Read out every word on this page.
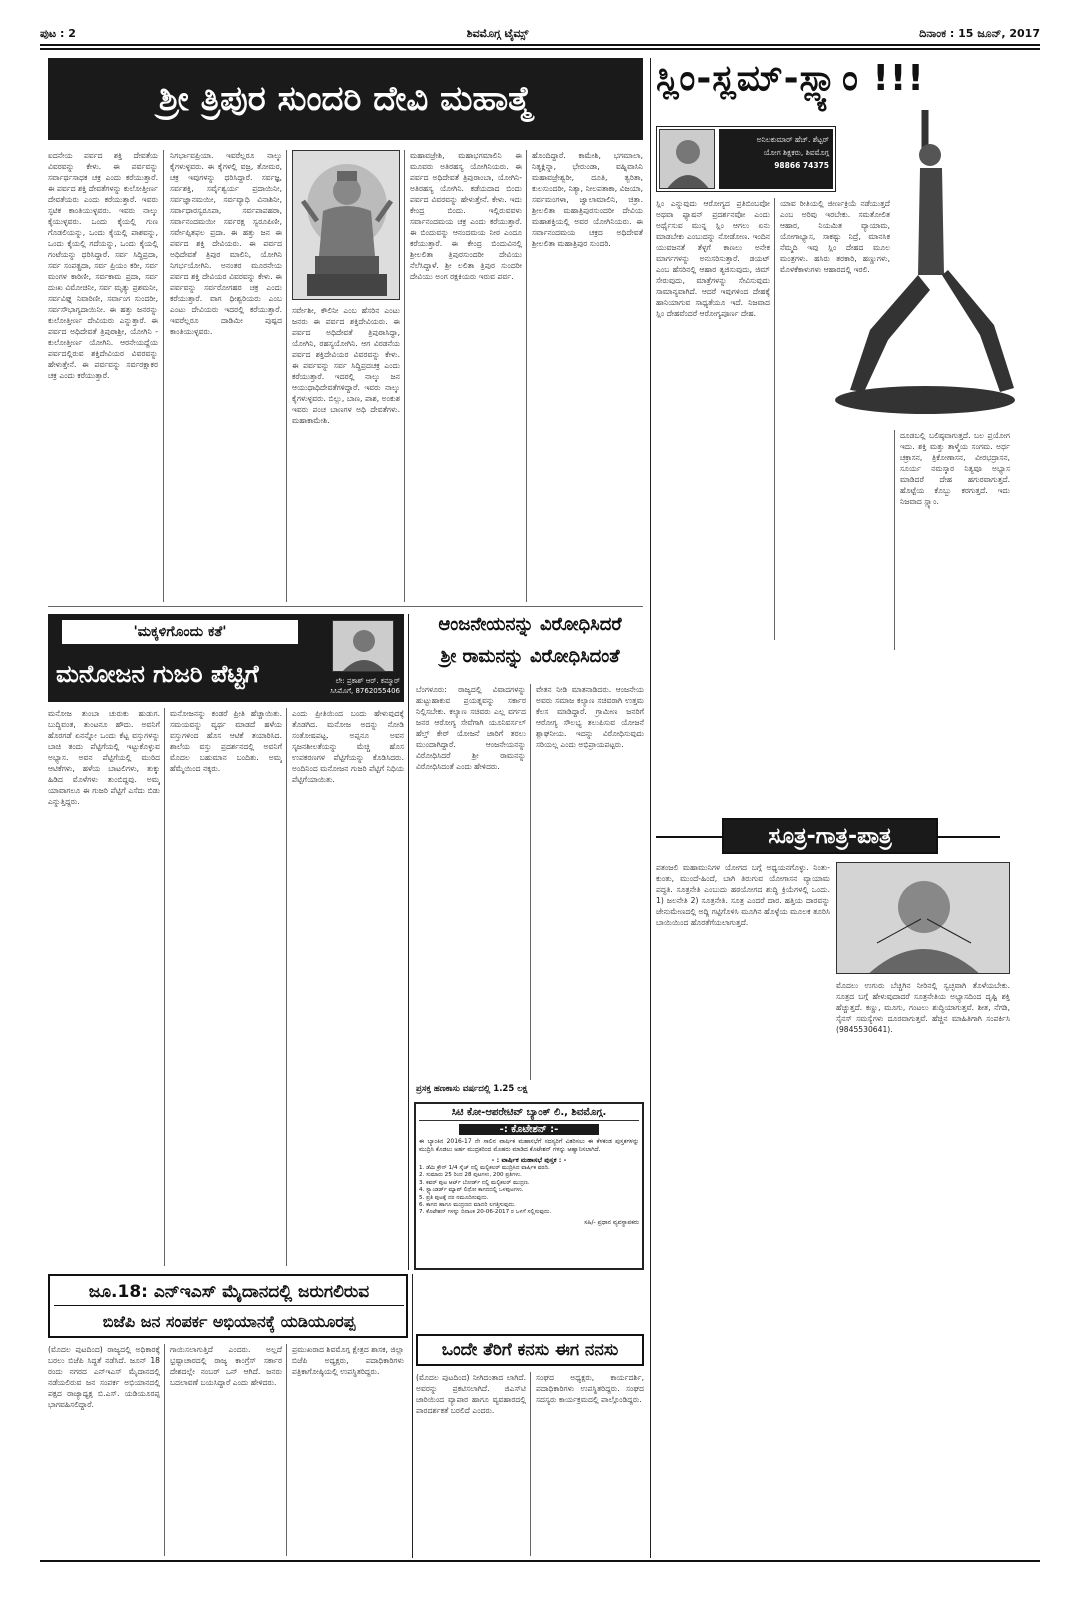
ಪುಟ : 2	ಶಿವಮೊಗ್ಗ ಟೈಮ್ಸ್	ದಿನಾಂಕ : 15 ಜೂನ್, 2017
ಶ್ರೀ ತ್ರಿಪುರ ಸುಂದರಿ ದೇವಿ ಮಹಾತ್ಮೆ
ಐದನೇಯ ಪರ್ವದ ಶಕ್ತಿ ದೇವತೆಯ ವಿವರವನ್ನು ಕೇಳು. ಈ ಪರ್ವವನ್ನು ಸರ್ವಾರ್ಥಸಾಧಕ ಚಕ್ರ ಎಂದು ಕರೆಯುತ್ತಾರೆ. ಈ ಪರ್ವದ ಶಕ್ತಿ ದೇವತೆಗಳನ್ನು ಕುಲೋತ್ತೀರ್ಣ ದೇವತೆಯರು ಎಂದು ಕರೆಯುತ್ತಾರೆ. ಇವರು ಸ್ಫಟಿಕ ಕಾಂತಿಯುಳ್ಳವರು. ಇವರು ನಾಲ್ಕು ಕೈಯುಳ್ಳವರು. ಒಂದು ಕೈಯಲ್ಲಿ ಗುಣ ಗೊಡಲಿಯನ್ನು, ಒಂದು ಕೈಯಲ್ಲಿ ಪಾಶವನ್ನು, ಒಂದು ಕೈಯಲ್ಲಿ ಗದೆಯನ್ನು, ಒಂದು ಕೈಯಲ್ಲಿ ಗಂಟೆಯನ್ನು ಧರಿಸಿದ್ದಾರೆ. ಸರ್ವ ಸಿದ್ಧಿಪ್ರದಾ, ಸರ್ವ ಸಂಪತ್ಪ್ರದಾ, ಸರ್ವ ಪ್ರಿಯಂ ಕರೀ, ಸರ್ವ ಮಂಗಳ ಕಾರಿಣೀ, ಸರ್ವಕಾಮ ಪ್ರದಾ, ಸರ್ವ ದುಃಖ ವಿಮೋಚಿನೀ, ಸರ್ವ ಮೃತ್ಯು ಪ್ರಶಮನೀ, ಸರ್ವವಿಘ್ನ ನಿವಾರಿಣೀ, ಸರ್ವಾಂಗ ಸುಂದರೀ, ಸರ್ವಸೌಭಾಗ್ಯದಾಯಿನೀ. ಈ ಹತ್ತು ಜನರನ್ನು ಕುಲೋತ್ತೀರ್ಣ ದೇವಿಯರು ಎನ್ನುತ್ತಾರೆ. ಈ ಪರ್ವದ ಅಧಿದೇವತೆ ತ್ರಿಪುರಾಶ್ರೀ, ಯೋಗಿನಿ - ಕುಲೋತ್ತೀರ್ಣ ಯೋಗಿನಿ. ಆರನೇಯದ್ದೆಯ ಪರ್ವದಲ್ಲಿರುವ ಶಕ್ತಿದೇವಿಯರ ವಿವರವನ್ನು ಹೇಳುತ್ತೇನೆ. ಈ ಪರ್ವವನ್ನು ಸರ್ವರಕ್ಷಾಕರ ಚಕ್ರ ಎಂದು ಕರೆಯುತ್ತಾರೆ.
ನಿಗರ್ಭಾವಪ್ರಿಯಾ. ಇವರೆಲ್ಲರೂ ನಾಲ್ಕು ಕೈಗಳುಳ್ಳವರು. ಈ ಕೈಗಳಲ್ಲಿ ವಜ್ರ, ತೋಮರ, ಚಕ್ರ ಇವುಗಳನ್ನು ಧರಿಸಿದ್ದಾರೆ. ಸರ್ವಜ್ಞ, ಸರ್ವಶಕ್ತಿ, ಸರ್ವೈಶ್ವರ್ಯ ಪ್ರದಾಯಿನೀ, ಸರ್ವಜ್ಞಾನಮಯೀ, ಸರ್ವವ್ಯಾಧಿ ವಿನಾಶಿನೀ, ಸರ್ವಾಧಾರಸ್ವರೂಪಾ, ಸರ್ವಪಾಪಹರಾ, ಸರ್ವಾನಂದಮಯೀ ಸರ್ವರಕ್ಷ ಸ್ವರೂಪಿಣೀ, ಸರ್ವೇಪ್ಸಿತಫಲ ಪ್ರದಾ. ಈ ಹತ್ತು ಜನ ಈ ಪರ್ವದ ಶಕ್ತಿ ದೇವಿಯರು. ಈ ಪರ್ವದ ಅಧಿದೇವತೆ ತ್ರಿಪುರ ಮಾಲಿನಿ, ಯೋಗಿನಿ ನಿಗರ್ಭಯೋಗಿನಿ. ಅನಂತರ ಮೂರನೇಯ ಪರ್ವದ ಶಕ್ತಿ ದೇವಿಯರ ವಿವರವನ್ನು ಕೇಳು. ಈ ಪರ್ವವನ್ನು ಸರ್ವರೋಗಹರ ಚಕ್ರ ಎಂದು ಕರೆಯುತ್ತಾರೆ. ವಾಗ ಧೀಶ್ವರಿಯರು ಎಂಬ ಎಂಟು ದೇವಿಯರು ಇದರಲ್ಲಿ ಕರೆಯುತ್ತಾರೆ. ಇವರೆಲ್ಲರೂ ದಾಡಿಮೀ ಪುಷ್ಪದ ಕಾಂತಿಯುಳ್ಳವರು.
ಸರ್ವೇಶೀ, ಕೌಲಿನೀ ಎಂಬ ಹೆಸರಿನ ಎಂಟು ಜನರು ಈ ಪರ್ವದ ಶಕ್ತಿದೇವಿಯರು. ಈ ಪರ್ವದ ಅಧಿದೇವತೆ ತ್ರಿಪುರಾಸಿದ್ಧಾ, ಯೋಗಿನಿ, ರಹಸ್ಯಯೋಗಿನಿ. ಆಗ ವಿರಡನೆಯ ಪರ್ವದ ಶಕ್ತಿದೇವಿಯರ ವಿವರವನ್ನು ಕೇಳು. ಈ ಪರ್ವವನ್ನು ಸರ್ವ ಸಿದ್ಧಿಪ್ರದಚಕ್ರ ಎಂದು ಕರೆಯುತ್ತಾರೆ. ಇದರಲ್ಲಿ ನಾಲ್ಕು ಜನ ಆಯುಧಾಧಿದೇವತೆಗಳಿದ್ದಾರೆ. ಇವರು ನಾಲ್ಕು ಕೈಗಳುಳ್ಳವರು. ಬಿಲ್ಲು, ಬಾಣ, ಪಾಶ, ಅಂಕುಶ ಇವರು ಪಂಚ ಬಾಣಗಳ ಅಧಿ ದೇವತೆಗಳು. ಮಹಾಕಾಮೇಶಿ.
ಮಹಾವಜ್ರೇಶಿ, ಮಹಾಭಗಮಾಲಿನಿ ಈ ಮೂವರು ಅತಿರಹಸ್ಯ ಯೋಗಿನಿಯರು. ಈ ಪರ್ವದ ಅಧಿದೇವತೆ ತ್ರಿಪುರಾಂಬಾ, ಯೋಗಿನಿ-ಅತಿರಹಸ್ಯ ಯೋಗಿನಿ. ಕಡೆಯದಾದ ಬಿಂದು ಪರ್ವದ ವಿವರವನ್ನು ಹೇಳುತ್ತೇನೆ. ಕೇಳು. ಇದು ಕೇಂದ್ರ ಬಿಂದು. ಇಲ್ಲಿರುವವಳು ಸರ್ವಾನಂದಮಯ ಚಕ್ರ ಎಂದು ಕರೆಯುತ್ತಾರೆ. ಈ ಬಿಂದುವನ್ನು ಆನಂದಮಯ ನೀಠ ಎಂದೂ ಕರೆಯುತ್ತಾರೆ. ಈ ಕೇಂದ್ರ ಬಿಂದುವಿನಲ್ಲಿ ಶ್ರೀಲಲಿತಾ ತ್ರಿಪುರಸುಂದರೀ ದೇವಿಯು ನೆಲೆಸಿದ್ದಾಳೆ. ಶ್ರೀ ಲಲಿತಾ ತ್ರಿಪುರ ಸುಂದರೀ ದೇವಿಯು ಅಂಗ ರಕ್ಷಕಿಯರು ಇರುವ ಪರ್ವ.
ಹೊಂದಿದ್ದಾರೆ. ಕಾಮೇಶಿ, ಭಗಮಾಲಾ, ನಿತ್ಯಕ್ಲಿನ್ನಾ, ಭೇರುಂಡಾ, ವಹ್ನಿವಾಸಿನಿ ಮಹಾವಜ್ರೇಶ್ವರೀ, ದೂತಿ, ತ್ವರಿತಾ, ಕುಲಸುಂದರೀ, ನಿತ್ಯಾ, ನೀಲಪತಾಕಾ, ವಿಜಯಾ, ಸರ್ವಮಂಗಳಾ, ಜ್ವಾಲಾಮಾಲಿನಿ, ಚಿತ್ರಾ. ಶ್ರೀಲಲಿತಾ ಮಹಾತ್ರಿಪುರಸುಂದರೀ ದೇವಿಯ ಮಹಾಶಕ್ತಿಯಲ್ಲಿ ಅವರ ಯೋಗಿನಿಯರು. ಈ ಸರ್ವಾನಂದಮಯ ಚಕ್ರದ ಅಧಿದೇವತೆ ಶ್ರೀಲಲಿತಾ ಮಹಾತ್ರಿಪುರ ಸುಂದರಿ.
ಸ್ಲಿಂ-ಸ್ಲಮ್-ಸ್ಲ್ಯಾಂ !!!
ಅನಿಲಕುಮಾರ್ ಹೆಚ್. ಶೆಟ್ಟರ್
ಯೋಗ ಶಿಕ್ಷಕರು, ಶಿವಮೊಗ್ಗ
98866 74375
ಸ್ಲಿಂ ಎನ್ನುವುದು ಆರೋಗ್ಯದ ಪ್ರತಿಬಿಂಬವೋ ಅಥವಾ ಫ್ಯಾಷನ್ ಪ್ರದರ್ಶನವೋ ಎಂದು ಅರ್ಥೈಸುವ ಮುನ್ನ ಸ್ಲಿಂ ಆಗಲು ಏನು ಮಾಡಬೇಕು ಎಂಬುದನ್ನು ನೋಡೋಣ. ಇಂದಿನ ಯುವಜನತೆ ತೆಳ್ಳಗೆ ಕಾಣಲು ಅನೇಕ ಮಾರ್ಗಗಳನ್ನು ಅನುಸರಿಸುತ್ತಾರೆ. ಡಯಟ್ ಎಂಬ ಹೆಸರಿನಲ್ಲಿ ಆಹಾರ ತ್ಯಜಿಸುವುದು, ಜಿಮ್ ಸೇರುವುದು, ಮಾತ್ರೆಗಳನ್ನು ಸೇವಿಸುವುದು ಸಾಮಾನ್ಯವಾಗಿದೆ. ಆದರೆ ಇವುಗಳಿಂದ ದೇಹಕ್ಕೆ ಹಾನಿಯಾಗುವ ಸಾಧ್ಯತೆಯೂ ಇದೆ. ನಿಜವಾದ ಸ್ಲಿಂ ದೇಹವೆಂದರೆ ಆರೋಗ್ಯಪೂರ್ಣ ದೇಹ.
ಯಾವ ರೀತಿಯಲ್ಲಿ ಜೀರ್ಣಕ್ರಿಯೆ ನಡೆಯುತ್ತದೆ ಎಂಬ ಅರಿವು ಇರಬೇಕು. ಸಮತೋಲಿತ ಆಹಾರ, ನಿಯಮಿತ ವ್ಯಾಯಾಮ, ಯೋಗಾಭ್ಯಾಸ, ಸಾಕಷ್ಟು ನಿದ್ರೆ, ಮಾನಸಿಕ ನೆಮ್ಮದಿ ಇವು ಸ್ಲಿಂ ದೇಹದ ಮೂಲ ಮಂತ್ರಗಳು. ಹಸಿರು ತರಕಾರಿ, ಹಣ್ಣುಗಳು, ಮೊಳಕೆಕಾಳುಗಳು ಆಹಾರದಲ್ಲಿ ಇರಲಿ.
ದೂಡಬಲ್ಲಿ ಬಲಿಷ್ಠವಾಗುತ್ತದೆ. ಬಲ ಪ್ರಯೋಗ ಇದು. ಶಕ್ತಿ ಮತ್ತು ತಾಳ್ಮೆಯ ಸಂಗಮ. ಅರ್ಧ ಚಕ್ರಾಸನ, ತ್ರಿಕೋಣಾಸನ, ವೀರಭದ್ರಾಸನ, ಸೂರ್ಯ ನಮಸ್ಕಾರ ನಿತ್ಯವೂ ಅಭ್ಯಾಸ ಮಾಡಿದರೆ ದೇಹ ಹಗುರವಾಗುತ್ತದೆ. ಹೊಟ್ಟೆಯ ಕೊಬ್ಬು ಕರಗುತ್ತದೆ. ಇದು ನಿಜವಾದ ಸ್ಲ್ಯಾಂ.
ಸೂತ್ರ-ಗಾತ್ರ-ಪಾತ್ರ
ಪತಂಜಲಿ ಮಹಾಮುನಿಗಳ ಯೋಗದ ಬಗ್ಗೆ ಅಧ್ಯಯನಗೊಳ್ಳು. ನಿಂತು-ಕುಂತು, ಮುಂದೆ-ಹಿಂದೆ, ಬಾಗಿ ತಿರುಗುವ ಯೋಗಾಸನ ವ್ಯಾಯಾಮ ಪದ್ಧತಿ. ಸೂತ್ರನೇತಿ ಎಂಬುದು ಹಠಯೋಗದ ಶುದ್ಧಿ ಕ್ರಿಯೆಗಳಲ್ಲಿ ಒಂದು. 1) ಜಲನೇತಿ 2) ಸೂತ್ರನೇತಿ. ಸೂತ್ರ ಎಂದರೆ ದಾರ. ಹತ್ತಿಯ ದಾರವನ್ನು ಜೇನುಮೇಣದಲ್ಲಿ ಅದ್ದಿ ಗಟ್ಟಿಗೊಳಿಸಿ ಮೂಗಿನ ಹೊಳ್ಳೆಯ ಮೂಲಕ ತೂರಿಸಿ ಬಾಯಿಯಿಂದ ಹೊರತೆಗೆಯಲಾಗುತ್ತದೆ.
ಮೊದಲು ಉಗುರು ಬೆಚ್ಚಗಿನ ನೀರಿನಲ್ಲಿ ಸ್ವಚ್ಛವಾಗಿ ತೊಳೆಯಬೇಕು. ಸೂತ್ರದ ಬಗ್ಗೆ ಹೇಳುವುದಾದರೆ ಸೂತ್ರನೇತಿಯ ಅಭ್ಯಾಸದಿಂದ ದೃಷ್ಟಿ ಶಕ್ತಿ ಹೆಚ್ಚುತ್ತದೆ. ಕಣ್ಣು, ಮೂಗು, ಗಂಟಲು ಶುದ್ಧಿಯಾಗುತ್ತವೆ. ಶೀತ, ನೆಗಡಿ, ಸೈನಸ್ ಸಮಸ್ಯೆಗಳು ದೂರವಾಗುತ್ತವೆ. ಹೆಚ್ಚಿನ ಮಾಹಿತಿಗಾಗಿ ಸಂಪರ್ಕಿಸಿ (9845530641).
'ಮಕ್ಕಳಿಗೊಂದು ಕತೆ'
ಮನೋಜನ ಗುಜರಿ ಪೆಟ್ಟಿಗೆ	ಲೇ: ಪ್ರಕಾಶ್ ಆರ್. ಕಮ್ಮಾರ್
ಸಿಸಿಮೊಗೆ, 8762055406
ಮನೋಜ ತುಂಬಾ ಚುರುಕು ಹುಡುಗ. ಬುದ್ಧಿವಂತ, ತುಂಟನೂ ಹೌದು. ಅವನಿಗೆ ಹೊರಗಡೆ ಏನನ್ನೋ ಒಂದು ಕೆಟ್ಟ ವಸ್ತುಗಳನ್ನು ಬಾಚಿ ತಂದು ಪೆಟ್ಟಿಗೆಯಲ್ಲಿ ಇಟ್ಟುಕೊಳ್ಳುವ ಅಭ್ಯಾಸ. ಅವನ ಪೆಟ್ಟಿಗೆಯಲ್ಲಿ ಮುರಿದ ಆಟಿಕೆಗಳು, ಹಳೆಯ ಬಾಟಲಿಗಳು, ತುಕ್ಕು ಹಿಡಿದ ಮೊಳೆಗಳು ತುಂಬಿದ್ದವು. ಅಮ್ಮ ಯಾವಾಗಲೂ ಈ ಗುಜರಿ ಪೆಟ್ಟಿಗೆ ಎಸೆದು ಬಿಡು ಎನ್ನುತ್ತಿದ್ದರು.
ಮನೋಜನನ್ನು ಕಂಡರೆ ಪ್ರೀತಿ ಹೆಚ್ಚಾಯಿತು. ಸಮಯವನ್ನು ವ್ಯರ್ಥ ಮಾಡದೆ ಹಳೆಯ ವಸ್ತುಗಳಿಂದ ಹೊಸ ಆಟಿಕೆ ತಯಾರಿಸಿದ. ಶಾಲೆಯ ವಸ್ತು ಪ್ರದರ್ಶನದಲ್ಲಿ ಅವನಿಗೆ ಮೊದಲ ಬಹುಮಾನ ಬಂದಿತು. ಅಮ್ಮ ಹೆಮ್ಮೆಯಿಂದ ನಕ್ಕರು.
ಎಂದು ಪ್ರೀತಿಯಿಂದ ಬಂದು ಹೇಳುವುದಕ್ಕೆ ತೊಡಗಿದ. ಮನೋಜ ಅದನ್ನು ನೋಡಿ ಸಂತೋಷಪಟ್ಟ. ಅಪ್ಪನೂ ಅವನ ಸೃಜನಶೀಲತೆಯನ್ನು ಮೆಚ್ಚಿ ಹೊಸ ಉಪಕರಣಗಳ ಪೆಟ್ಟಿಗೆಯನ್ನು ಕೊಡಿಸಿದರು. ಅಂದಿನಿಂದ ಮನೋಜನ ಗುಜರಿ ಪೆಟ್ಟಿಗೆ ನಿಧಿಯ ಪೆಟ್ಟಿಗೆಯಾಯಿತು.
ಆಂಜನೇಯನನ್ನು ವಿರೋಧಿಸಿದರೆ
ಶ್ರೀ ರಾಮನನ್ನು ವಿರೋಧಿಸಿದಂತೆ
ಬೆಂಗಳೂರು: ರಾಜ್ಯದಲ್ಲಿ ವಿವಾದಗಳನ್ನು ಹುಟ್ಟುಹಾಕುವ ಪ್ರಯತ್ನವನ್ನು ಸರ್ಕಾರ ನಿಲ್ಲಿಸಬೇಕು. ಕಲ್ಯಾಣ ಸಚಿವರು ಎಲ್ಲ ವರ್ಗದ ಜನರ ಆರೋಗ್ಯ ಸೇವೆಗಾಗಿ ಯೂನಿವರ್ಸಲ್ ಹೆಲ್ತ್ ಕೇರ್ ಯೋಜನೆ ಜಾರಿಗೆ ತರಲು ಮುಂದಾಗಿದ್ದಾರೆ. ಆಂಜನೇಯನನ್ನು ವಿರೋಧಿಸಿದರೆ ಶ್ರೀ ರಾಮನನ್ನು ವಿರೋಧಿಸಿದಂತೆ ಎಂದು ಹೇಳಿದರು.
ವೇತನ ನೀಡಿ ಮಾತನಾಡಿದರು. ಆಂಜನೇಯ ಅವರು ಸಮಾಜ ಕಲ್ಯಾಣ ಸಚಿವರಾಗಿ ಉತ್ತಮ ಕೆಲಸ ಮಾಡಿದ್ದಾರೆ. ಗ್ರಾಮೀಣ ಜನರಿಗೆ ಆರೋಗ್ಯ ಸೌಲಭ್ಯ ತಲುಪಿಸುವ ಯೋಜನೆ ಶ್ಲಾಘನೀಯ. ಇದನ್ನು ವಿರೋಧಿಸುವುದು ಸರಿಯಲ್ಲ ಎಂದು ಅಭಿಪ್ರಾಯಪಟ್ಟರು.
ಪ್ರಸಕ್ತ ಹಣಕಾಸು ವರ್ಷದಲ್ಲಿ 1.25 ಲಕ್ಷ
ಸಿಟಿ ಕೋ-ಆಪರೇಟಿವ್ ಬ್ಯಾಂಕ್ ಲಿ., ಶಿವಮೊಗ್ಗ.
-: ಕೊಟೇಶನ್ :-
ಈ ಬ್ಯಾಂಕಿನ 2016-17 ನೇ ಸಾಲಿನ ವಾರ್ಷಿಕ ಮಹಾಸಭೆಗೆ ಸದಸ್ಯರಿಗೆ ವಿತರಿಸಲು ಈ ಕೆಳಕಂಡ ಪುಸ್ತಕಗಳನ್ನು ಮುದ್ರಿಸಿ ಕೊಡಲು ಅರ್ಹ ಮುದ್ರಕರಿಂದ ಮೊಹರು ಮಾಡಿದ ಕೊಟೇಶನ್ ಗಳನ್ನು ಆಹ್ವಾನಿಸಲಾಗಿದೆ.
- : ವಾರ್ಷಿಕ ಮಹಾಸಭೆ ಪುಸ್ತಕ : -
1. ಡೆಮಿ ಕ್ರೌನ್ 1/4 ಸೈಜ್ ನಲ್ಲಿ ಮಲ್ಟಿಕಲರ್ ಮುದ್ರಿಸಿದ ವಾರ್ಷಿಕ ವರದಿ.
2. ಸುಮಾರು 25 ರಿಂದ 28 ಪುಟಗಳು, 200 ಪ್ರತಿಗಳು.
3. ಕವರ್ ಪುಟ ಆರ್ಟ್ ಬೋರ್ಡ್ ನಲ್ಲಿ ಮಲ್ಟಿಕಲರ್ ಮುದ್ರಣ.
4. ಸ್ಟ್ಯಾಂಡರ್ಡ್ ಮ್ಯಾಪ್ ಲಿಥೋ ಕಾಗದದಲ್ಲಿ ಒಳಪುಟಗಳು.
5. ಪ್ರತಿ ಪುಟಕ್ಕೆ ದರ ನಮೂದಿಸುವುದು.
6. ಕಾಗದ ಹಾಗೂ ಮುದ್ರಣದ ಮಾದರಿ ಲಗತ್ತಿಸುವುದು.
7. ಕೊಟೇಶನ್ ಗಳನ್ನು ದಿನಾಂಕ 20-06-2017 ರ ಒಳಗೆ ಸಲ್ಲಿಸುವುದು.
ಸಹಿ/- ಪ್ರಧಾನ ವ್ಯವಸ್ಥಾಪಕರು
ಜೂ.18: ಎನ್‌ಇಎಸ್ ಮೈದಾನದಲ್ಲಿ ಜರುಗಲಿರುವ
ಬಿಜೆಪಿ ಜನ ಸಂಪರ್ಕ ಅಭಿಯಾನಕ್ಕೆ ಯಡಿಯೂರಪ್ಪ
(ಮೊದಲ ಪುಟದಿಂದ) ರಾಜ್ಯದಲ್ಲಿ ಅಧಿಕಾರಕ್ಕೆ ಬರಲು ಬಿಜೆಪಿ ಸಿದ್ಧತೆ ನಡೆಸಿದೆ. ಜೂನ್ 18 ರಂದು ನಗರದ ಎನ್‌ಇಎಸ್ ಮೈದಾನದಲ್ಲಿ ನಡೆಯಲಿರುವ ಜನ ಸಂಪರ್ಕ ಅಭಿಯಾನದಲ್ಲಿ ಪಕ್ಷದ ರಾಜ್ಯಾಧ್ಯಕ್ಷ ಬಿ.ಎಸ್. ಯಡಿಯೂರಪ್ಪ ಭಾಗವಹಿಸಲಿದ್ದಾರೆ.
ಗಾಯಿಸಲಾಗುತ್ತಿದೆ ಎಂದರು. ಅಲ್ಲದೆ ಭ್ರಷ್ಟಾಚಾರದಲ್ಲಿ ರಾಜ್ಯ ಕಾಂಗ್ರೆಸ್ ಸರ್ಕಾರ ದೇಶದಲ್ಲೇ ನಂಬರ್ ಒನ್ ಆಗಿದೆ. ಜನರು ಬದಲಾವಣೆ ಬಯಸಿದ್ದಾರೆ ಎಂದು ಹೇಳಿದರು.
ಪ್ರಮುಖರಾದ ಶಿವಮೊಗ್ಗ ಕ್ಷೇತ್ರದ ಶಾಸಕ, ಜಿಲ್ಲಾ ಬಿಜೆಪಿ ಅಧ್ಯಕ್ಷರು, ಪದಾಧಿಕಾರಿಗಳು ಪತ್ರಿಕಾಗೋಷ್ಠಿಯಲ್ಲಿ ಉಪಸ್ಥಿತರಿದ್ದರು.
ಒಂದೇ ತೆರಿಗೆ ಕನಸು ಈಗ ನನಸು
(ಮೊದಲ ಪುಟದಿಂದ) ನೀಗಿದಂತಾದ ಲಾಗಿದೆ. ಅವರನ್ನು ಪ್ರಕಟಿಸಲಾಗಿದೆ. ಜಿಎಸ್‌ಟಿ ಜಾರಿಯಿಂದ ವ್ಯಾಪಾರ ಹಾಗೂ ವ್ಯವಹಾರದಲ್ಲಿ ಪಾರದರ್ಶಕತೆ ಬರಲಿದೆ ಎಂದರು.
ಸಂಘದ ಅಧ್ಯಕ್ಷರು, ಕಾರ್ಯದರ್ಶಿ, ಪದಾಧಿಕಾರಿಗಳು ಉಪಸ್ಥಿತರಿದ್ದರು. ಸಂಘದ ಸದಸ್ಯರು ಕಾರ್ಯಕ್ರಮದಲ್ಲಿ ಪಾಲ್ಗೊಂಡಿದ್ದರು.
